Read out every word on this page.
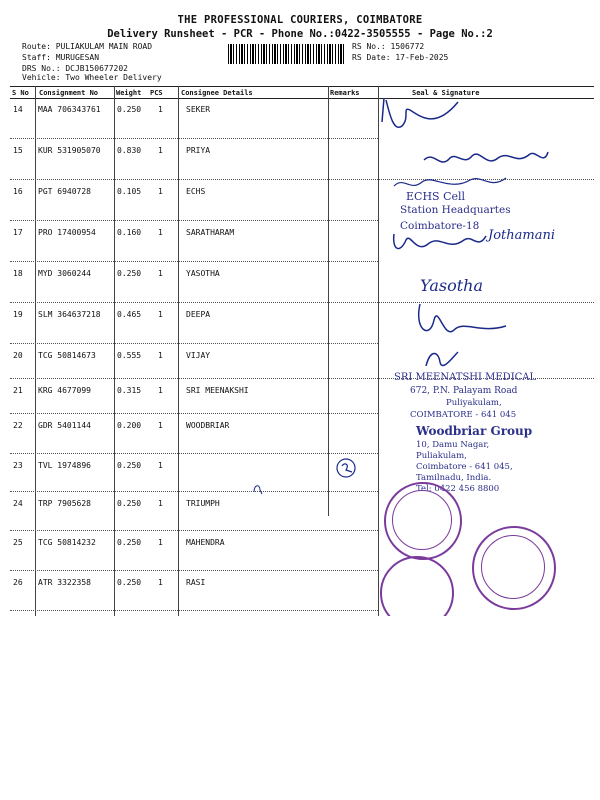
THE PROFESSIONAL COURIERS, COIMBATORE
Delivery Runsheet - PCR - Phone No.:0422-3505555 - Page No.:2
Route: PULIAKULAM MAIN ROAD
Staff: MURUGESAN
DRS No.: DCJB150677202
Vehicle: Two Wheeler Delivery
RS No.: 1506772
RS Date: 17-Feb-2025
S No Consignment No	Weight PCS	Consignee Details	Remarks	Seal & Signature
14 MAA 706343761 0.250 1	SEKER
15 KUR 531905070 0.830 1	PRIYA
16 PGT 6940728	0.105 1	ECHS
17 PRO 17400954	0.160 1	SARATHARAM
18 MYD 3060244	0.250 1	YASOTHA
19 SLM 364637218 0.465 1	DEEPA
20 TCG 50814673	0.555 1	VIJAY
21 KRG 4677099	0.315 1	SRI MEENAKSHI
22 GDR 5401144	0.200 1	WOODBRIAR
23 TVL 1974896	0.250 1
24 TRP 7905628	0.250 1	TRIUMPH
25 TCG 50814232	0.250 1	MAHENDRA
26 ATR 3322358	0.250 1	RASI
ECHS Cell
Station Headquartes
Coimbatore-18
Jothamani
Yasotha
SRI MEENATSHI MEDICAL
672, P.N. Palayam Road
Puliyakulam,
COIMBATORE - 641 045
Woodbriar Group
10, Damu Nagar,
Puliakulam,
Coimbatore - 641 045,
Tamilnadu, India.
Tel: 0422 456 8800
